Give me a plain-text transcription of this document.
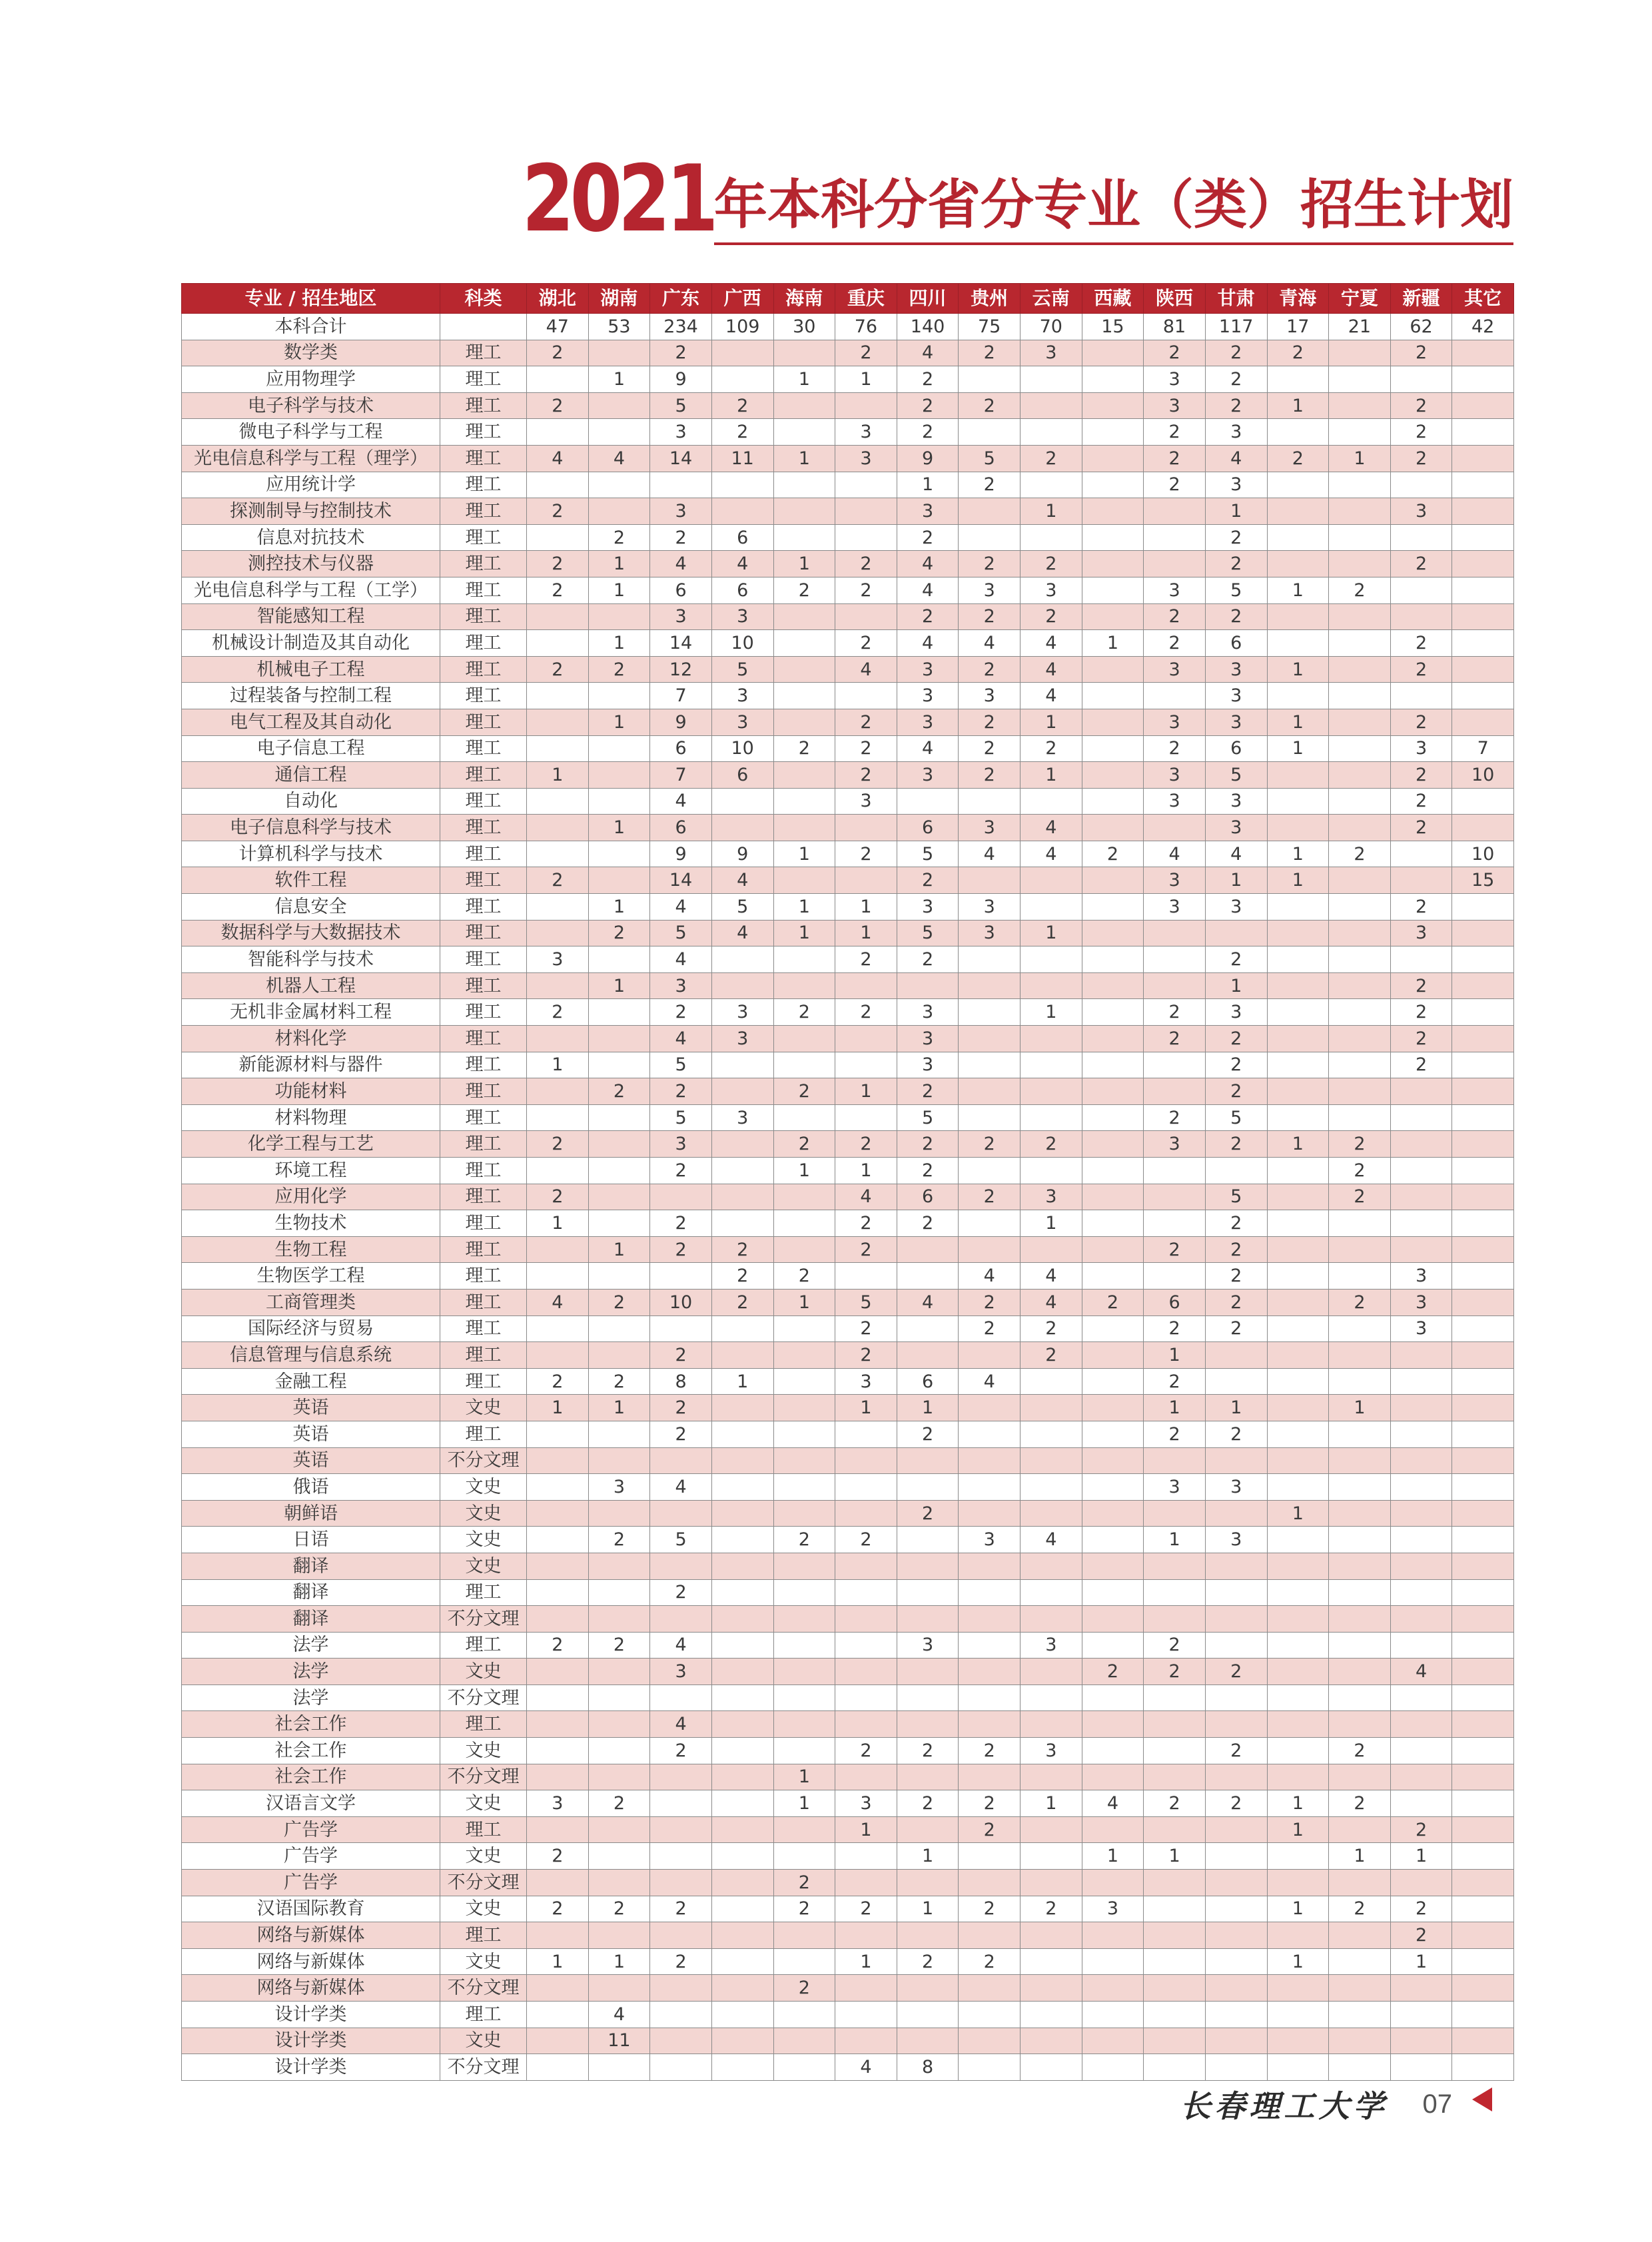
2021 年本科分省分专业（类）招生计划
专业 / 招生地区	科类	湖北	湖南	广东	广西	海南	重庆	四川	贵州	云南	西藏	陕西	甘肃	青海	宁夏	新疆	其它
本科合计		47	53	234	109	30	76	140	75	70	15	81	117	17	21	62	42
数学类	理工	2		2			2	4	2	3		2	2	2		2	
应用物理学	理工		1	9		1	1	2				3	2				
电子科学与技术	理工	2		5	2			2	2			3	2	1		2	
微电子科学与工程	理工			3	2		3	2				2	3			2	
光电信息科学与工程（理学）	理工	4	4	14	11	1	3	9	5	2		2	4	2	1	2	
应用统计学	理工							1	2			2	3				
探测制导与控制技术	理工	2		3				3		1			1			3	
信息对抗技术	理工		2	2	6			2					2				
测控技术与仪器	理工	2	1	4	4	1	2	4	2	2			2			2	
光电信息科学与工程（工学）	理工	2	1	6	6	2	2	4	3	3		3	5	1	2		
智能感知工程	理工			3	3			2	2	2		2	2				
机械设计制造及其自动化	理工		1	14	10		2	4	4	4	1	2	6			2	
机械电子工程	理工	2	2	12	5		4	3	2	4		3	3	1		2	
过程装备与控制工程	理工			7	3			3	3	4			3				
电气工程及其自动化	理工		1	9	3		2	3	2	1		3	3	1		2	
电子信息工程	理工			6	10	2	2	4	2	2		2	6	1		3	7
通信工程	理工	1		7	6		2	3	2	1		3	5			2	10
自动化	理工			4			3					3	3			2	
电子信息科学与技术	理工		1	6				6	3	4			3			2	
计算机科学与技术	理工			9	9	1	2	5	4	4	2	4	4	1	2		10
软件工程	理工	2		14	4			2				3	1	1			15
信息安全	理工		1	4	5	1	1	3	3			3	3			2	
数据科学与大数据技术	理工		2	5	4	1	1	5	3	1						3	
智能科学与技术	理工	3		4			2	2					2				
机器人工程	理工		1	3									1			2	
无机非金属材料工程	理工	2		2	3	2	2	3		1		2	3			2	
材料化学	理工			4	3			3				2	2			2	
新能源材料与器件	理工	1		5				3					2			2	
功能材料	理工		2	2		2	1	2					2				
材料物理	理工			5	3			5				2	5				
化学工程与工艺	理工	2		3		2	2	2	2	2		3	2	1	2		
环境工程	理工			2		1	1	2							2		
应用化学	理工	2					4	6	2	3			5		2		
生物技术	理工	1		2			2	2		1			2				
生物工程	理工		1	2	2		2					2	2				
生物医学工程	理工				2	2			4	4			2			3	
工商管理类	理工	4	2	10	2	1	5	4	2	4	2	6	2		2	3	
国际经济与贸易	理工						2		2	2		2	2			3	
信息管理与信息系统	理工			2			2			2		1					
金融工程	理工	2	2	8	1		3	6	4			2					
英语	文史	1	1	2			1	1				1	1		1		
英语	理工			2				2				2	2				
英语	不分文理																
俄语	文史		3	4								3	3				
朝鲜语	文史							2						1			
日语	文史		2	5		2	2		3	4		1	3				
翻译	文史																
翻译	理工			2													
翻译	不分文理																
法学	理工	2	2	4				3		3		2					
法学	文史			3							2	2	2			4	
法学	不分文理																
社会工作	理工			4													
社会工作	文史			2			2	2	2	3			2		2		
社会工作	不分文理					1											
汉语言文学	文史	3	2			1	3	2	2	1	4	2	2	1	2		
广告学	理工						1		2					1		2	
广告学	文史	2						1			1	1			1	1	
广告学	不分文理					2											
汉语国际教育	文史	2	2	2		2	2	1	2	2	3			1	2	2	
网络与新媒体	理工															2	
网络与新媒体	文史	1	1	2			1	2	2					1		1	
网络与新媒体	不分文理					2											
设计学类	理工		4														
设计学类	文史		11														
设计学类	不分文理						4	8									
长春理工大学 07
